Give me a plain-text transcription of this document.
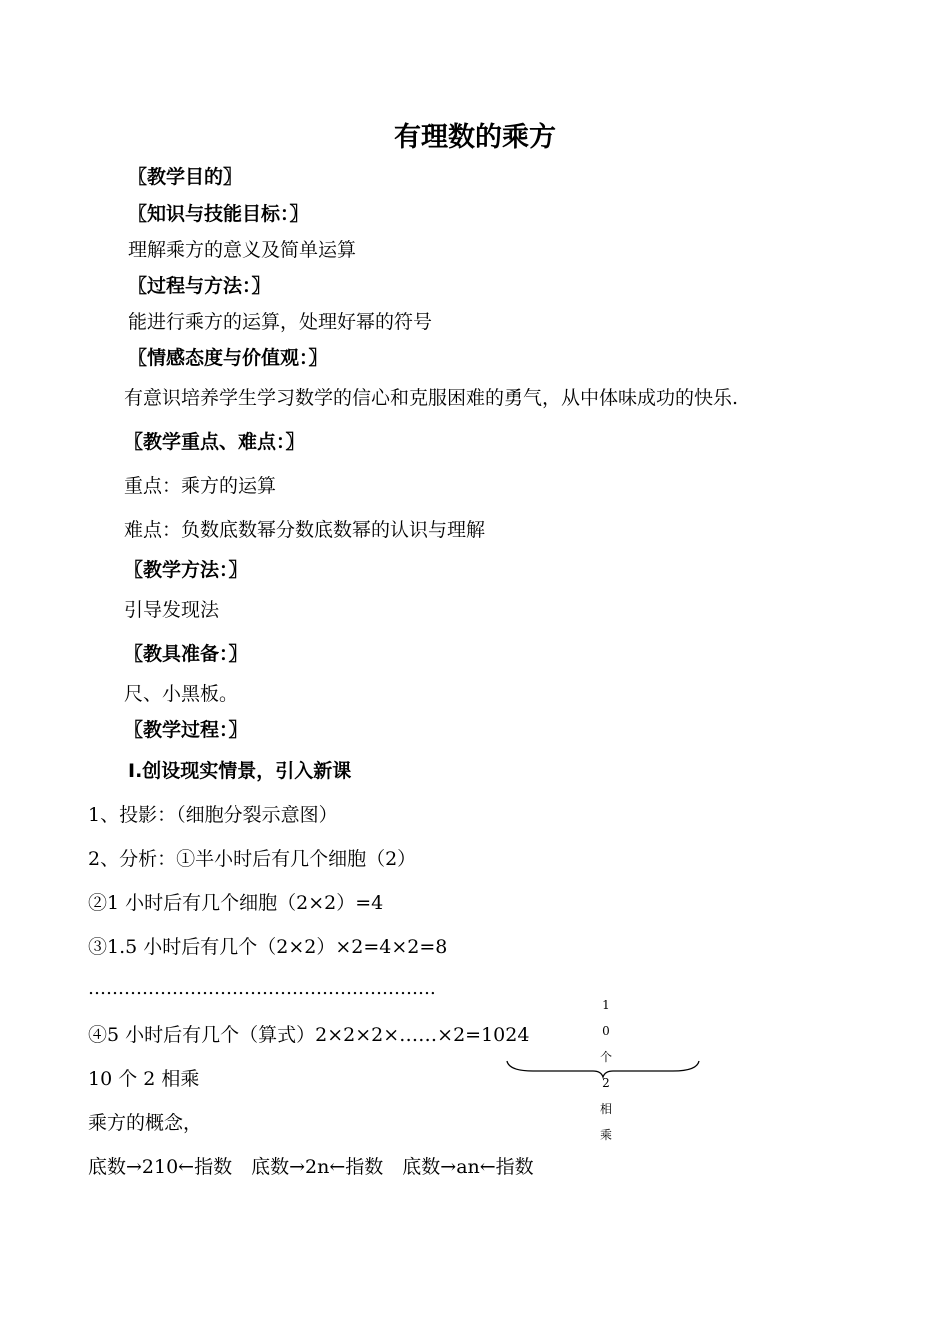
有理数的乘方
〖教学目的〗
〖知识与技能目标：〗
理解乘方的意义及简单运算
〖过程与方法：〗
能进行乘方的运算，处理好幂的符号
〖情感态度与价值观：〗
有意识培养学生学习数学的信心和克服困难的勇气，从中体味成功的快乐.
〖教学重点、难点：〗
重点：乘方的运算
难点：负数底数幂分数底数幂的认识与理解
〖教学方法：〗
引导发现法
〖教具准备：〗
尺、小黑板。
〖教学过程：〗
Ⅰ.创设现实情景，引入新课
1、投影：（细胞分裂示意图）
2、分析：①半小时后有几个细胞（2）
②1 小时后有几个细胞（2×2）=4
③1.5 小时后有几个（2×2）×2=4×2=8
………………………………………………….
④5 小时后有几个（算式）2×2×2×……×2=1024
10 个 2 相乘
乘方的概念，
底数→210←指数　底数→2n←指数　底数→an←指数
1
0
个
2
相
乘
